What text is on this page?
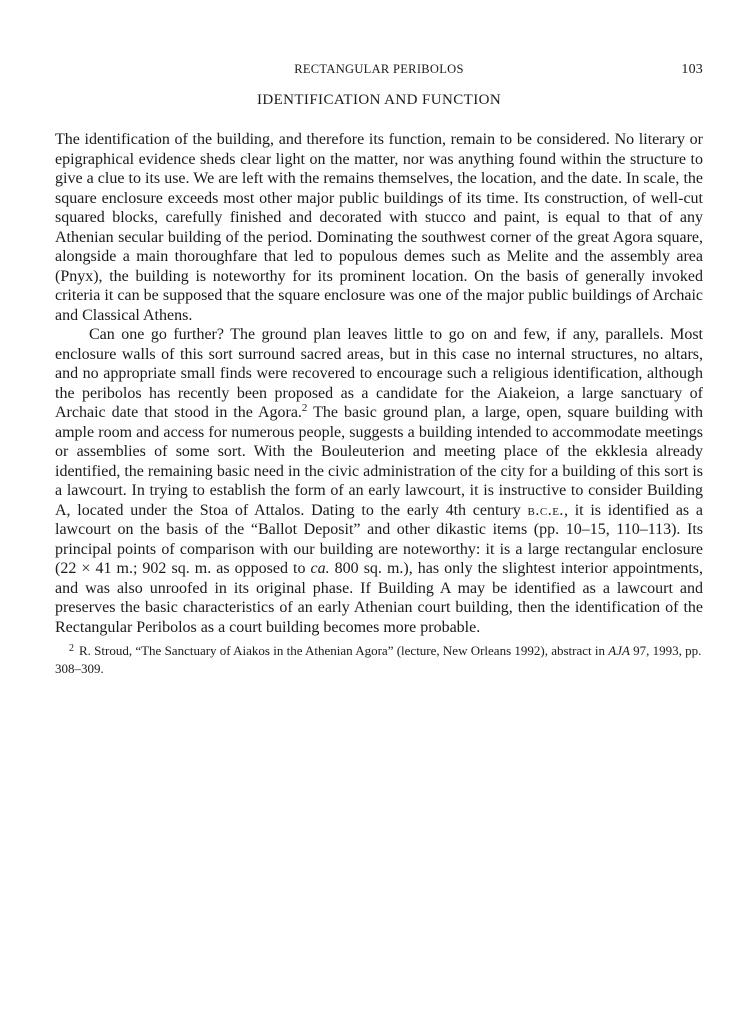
RECTANGULAR PERIBOLOS	103
IDENTIFICATION AND FUNCTION

The identification of the building, and therefore its function, remain to be considered. No literary or epigraphical evidence sheds clear light on the matter, nor was anything found within the structure to give a clue to its use. We are left with the remains themselves, the location, and the date. In scale, the square enclosure exceeds most other major public buildings of its time. Its construction, of well-cut squared blocks, carefully finished and decorated with stucco and paint, is equal to that of any Athenian secular building of the period. Dominating the southwest corner of the great Agora square, alongside a main thoroughfare that led to populous demes such as Melite and the assembly area (Pnyx), the building is noteworthy for its prominent location. On the basis of generally invoked criteria it can be supposed that the square enclosure was one of the major public buildings of Archaic and Classical Athens.

Can one go further? The ground plan leaves little to go on and few, if any, parallels. Most enclosure walls of this sort surround sacred areas, but in this case no internal structures, no altars, and no appropriate small finds were recovered to encourage such a religious identification, although the peribolos has recently been proposed as a candidate for the Aiakeion, a large sanctuary of Archaic date that stood in the Agora.$^2$ The basic ground plan, a large, open, square building with ample room and access for numerous people, suggests a building intended to accommodate meetings or assemblies of some sort. With the Bouleuterion and meeting place of the ekklesia already identified, the remaining basic need in the civic administration of the city for a building of this sort is a lawcourt. In trying to establish the form of an early lawcourt, it is instructive to consider Building A, located under the Stoa of Attalos. Dating to the early 4th century b.c.e., it is identified as a lawcourt on the basis of the “Ballot Deposit” and other dikastic items (pp. 10–15, 110–113). Its principal points of comparison with our building are noteworthy: it is a large rectangular enclosure (22 × 41 m.; 902 sq. m. as opposed to ca. 800 sq. m.), has only the slightest interior appointments, and was also unroofed in its original phase. If Building A may be identified as a lawcourt and preserves the basic characteristics of an early Athenian court building, then the identification of the Rectangular Peribolos as a court building becomes more probable.

2 R. Stroud, “The Sanctuary of Aiakos in the Athenian Agora” (lecture, New Orleans 1992), abstract in AJA 97, 1993, pp. 308–309.
